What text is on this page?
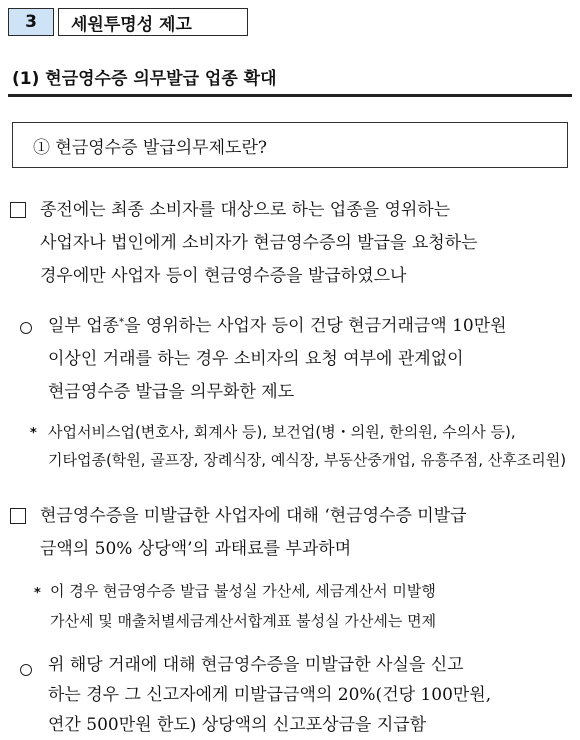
3	세원투명성 제고
(1) 현금영수증 의무발급 업종 확대
① 현금영수증 발급의무제도란?
종전에는 최종 소비자를 대상으로 하는 업종을 영위하는
사업자나 법인에게 소비자가 현금영수증의 발급을 요청하는
경우에만 사업자 등이 현금영수증을 발급하였으나
일부 업종*을 영위하는 사업자 등이 건당 현금거래금액 10만원
이상인 거래를 하는 경우 소비자의 요청 여부에 관계없이
현금영수증 발급을 의무화한 제도
* 사업서비스업(변호사, 회계사 등), 보건업(병・의원, 한의원, 수의사 등),
기타업종(학원, 골프장, 장례식장, 예식장, 부동산중개업, 유흥주점, 산후조리원)
현금영수증을 미발급한 사업자에 대해 ‘현금영수증 미발급
금액의 50% 상당액’의 과태료를 부과하며
* 이 경우 현금영수증 발급 불성실 가산세, 세금계산서 미발행
가산세 및 매출처별세금계산서합계표 불성실 가산세는 면제
위 해당 거래에 대해 현금영수증을 미발급한 사실을 신고
하는 경우 그 신고자에게 미발급금액의 20%(건당 100만원,
연간 500만원 한도) 상당액의 신고포상금을 지급함
